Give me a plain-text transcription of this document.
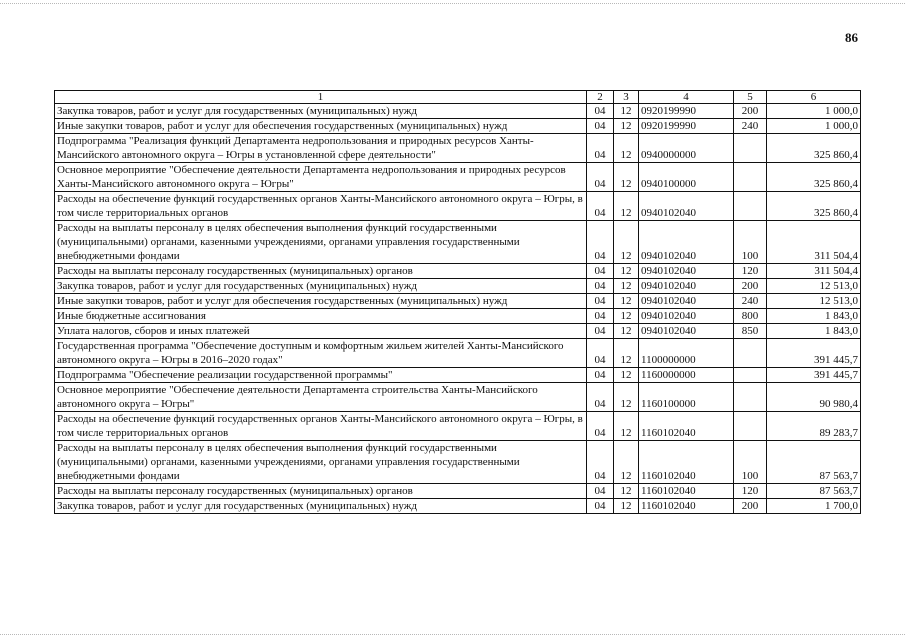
86
1	2	3	4	5	6
Закупка товаров, работ и услуг для государственных (муниципальных) нужд	04	12	0920199990	200	1 000,0
Иные закупки товаров, работ и услуг для обеспечения государственных (муниципальных) нужд	04	12	0920199990	240	1 000,0
Подпрограмма "Реализация функций Департамента недропользования и природных ресурсов Ханты-Мансийского автономного округа – Югры в установленной сфере деятельности"	04	12	0940000000		325 860,4
Основное мероприятие "Обеспечение деятельности Департамента недропользования и природных ресурсов Ханты-Мансийского автономного округа – Югры"	04	12	0940100000		325 860,4
Расходы на обеспечение функций государственных органов Ханты-Мансийского автономного округа – Югры, в том числе территориальных органов	04	12	0940102040		325 860,4
Расходы на выплаты персоналу в целях обеспечения выполнения функций государственными (муниципальными) органами, казенными учреждениями, органами управления государственными внебюджетными фондами	04	12	0940102040	100	311 504,4
Расходы на выплаты персоналу государственных (муниципальных) органов	04	12	0940102040	120	311 504,4
Закупка товаров, работ и услуг для государственных (муниципальных) нужд	04	12	0940102040	200	12 513,0
Иные закупки товаров, работ и услуг для обеспечения государственных (муниципальных) нужд	04	12	0940102040	240	12 513,0
Иные бюджетные ассигнования	04	12	0940102040	800	1 843,0
Уплата налогов, сборов и иных платежей	04	12	0940102040	850	1 843,0
Государственная программа "Обеспечение доступным и комфортным жильем жителей Ханты-Мансийского автономного округа – Югры в 2016–2020 годах"	04	12	1100000000		391 445,7
Подпрограмма "Обеспечение реализации государственной программы"	04	12	1160000000		391 445,7
Основное мероприятие "Обеспечение деятельности Департамента строительства Ханты-Мансийского автономного округа – Югры"	04	12	1160100000		90 980,4
Расходы на обеспечение функций государственных органов Ханты-Мансийского автономного округа – Югры, в том числе территориальных органов	04	12	1160102040		89 283,7
Расходы на выплаты персоналу в целях обеспечения выполнения функций государственными (муниципальными) органами, казенными учреждениями, органами управления государственными внебюджетными фондами	04	12	1160102040	100	87 563,7
Расходы на выплаты персоналу государственных (муниципальных) органов	04	12	1160102040	120	87 563,7
Закупка товаров, работ и услуг для государственных (муниципальных) нужд	04	12	1160102040	200	1 700,0
